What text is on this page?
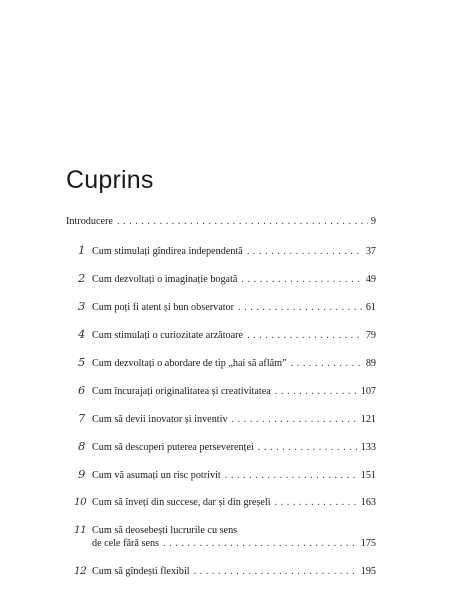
Cuprins
Introducere . . .	9
1 Cum stimulați gîndirea independentă . . .	37
2 Cum dezvoltați o imaginație bogată . . .	49
3 Cum poți fi atent și bun observator . . .	61
4 Cum stimulați o curiozitate arzătoare . . .	79
5 Cum dezvoltați o abordare de tip „hai să aflăm” . . .	89
6 Cum încurajați originalitatea și creativitatea . . .	107
7 Cum să devii inovator și inventiv . . .	121
8 Cum să descoperi puterea perseverenței . . .	133
9 Cum vă asumați un risc potrivit . . .	151
10 Cum să înveți din succese, dar și din greșeli . . .	163
11 Cum să deosebești lucrurile cu sens
de cele fără sens . . .	175
12 Cum să gîndești flexibil . . .	195
